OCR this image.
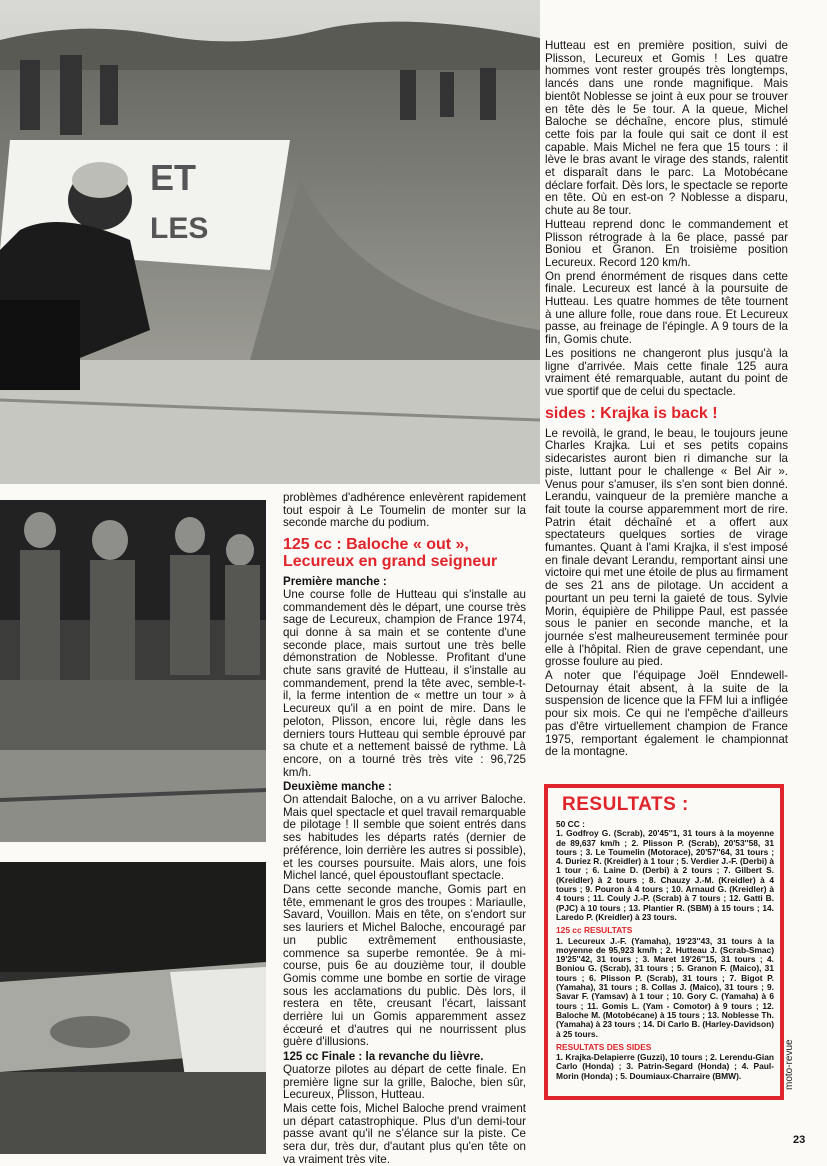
ET
LES

problèmes d'adhérence enlevèrent rapidement tout espoir à Le Toumelin de monter sur la seconde marche du podium.

125 cc : Baloche « out », Lecureux en grand seigneur
Première manche :

Une course folle de Hutteau qui s'installe au commandement dès le départ, une course très sage de Lecureux, champion de France 1974, qui donne à sa main et se contente d'une seconde place, mais surtout une très belle démonstration de Noblesse. Profitant d'une chute sans gravité de Hutteau, il s'installe au commandement, prend la tête avec, semble-t-il, la ferme intention de « mettre un tour » à Lecureux qu'il a en point de mire. Dans le peloton, Plisson, encore lui, règle dans les derniers tours Hutteau qui semble éprouvé par sa chute et a nettement baissé de rythme. Là encore, on a tourné très très vite : 96,725 km/h.

Deuxième manche :

On attendait Baloche, on a vu arriver Baloche. Mais quel spectacle et quel travail remarquable de pilotage ! Il semble que soient entrés dans ses habitudes les départs ratés (dernier de préférence, loin derrière les autres si possible), et les courses poursuite. Mais alors, une fois Michel lancé, quel époustouflant spectacle.

Dans cette seconde manche, Gomis part en tête, emmenant le gros des troupes : Mariaulle, Savard, Vouillon. Mais en tête, on s'endort sur ses lauriers et Michel Baloche, encouragé par un public extrêmement enthousiaste, commence sa superbe remontée. 9e à mi-course, puis 6e au douzième tour, il double Gomis comme une bombe en sortie de virage sous les acclamations du public. Dès lors, il restera en tête, creusant l'écart, laissant derrière lui un Gomis apparemment assez écœuré et d'autres qui ne nourrissent plus guère d'illusions.

125 cc Finale : la revanche du lièvre.

Quatorze pilotes au départ de cette finale. En première ligne sur la grille, Baloche, bien sûr, Lecureux, Plisson, Hutteau.

Mais cette fois, Michel Baloche prend vraiment un départ catastrophique. Plus d'un demi-tour passe avant qu'il ne s'élance sur la piste. Ce sera dur, très dur, d'autant plus qu'en tête on va vraiment très vite.

Hutteau est en première position, suivi de Plisson, Lecureux et Gomis ! Les quatre hommes vont rester groupés très longtemps, lancés dans une ronde magnifique. Mais bientôt Noblesse se joint à eux pour se trouver en tête dès le 5e tour. A la queue, Michel Baloche se déchaîne, encore plus, stimulé cette fois par la foule qui sait ce dont il est capable. Mais Michel ne fera que 15 tours : il lève le bras avant le virage des stands, ralentit et disparaît dans le parc. La Motobécane déclare forfait. Dès lors, le spectacle se reporte en tête. Où en est-on ? Noblesse a disparu, chute au 8e tour.

Hutteau reprend donc le commandement et Plisson rétrograde à la 6e place, passé par Boniou et Granon. En troisième position Lecureux. Record 120 km/h.

On prend énormément de risques dans cette finale. Lecureux est lancé à la poursuite de Hutteau. Les quatre hommes de tête tournent à une allure folle, roue dans roue. Et Lecureux passe, au freinage de l'épingle. A 9 tours de la fin, Gomis chute.

Les positions ne changeront plus jusqu'à la ligne d'arrivée. Mais cette finale 125 aura vraiment été remarquable, autant du point de vue sportif que de celui du spectacle.

sides : Krajka is back !

Le revoilà, le grand, le beau, le toujours jeune Charles Krajka. Lui et ses petits copains sidecaristes auront bien ri dimanche sur la piste, luttant pour le challenge « Bel Air ». Venus pour s'amuser, ils s'en sont bien donné. Lerandu, vainqueur de la première manche a fait toute la course apparemment mort de rire. Patrin était déchaîné et a offert aux spectateurs quelques sorties de virage fumantes. Quant à l'ami Krajka, il s'est imposé en finale devant Lerandu, remportant ainsi une victoire qui met une étoile de plus au firmament de ses 21 ans de pilotage. Un accident a pourtant un peu terni la gaieté de tous. Sylvie Morin, équipière de Philippe Paul, est passée sous le panier en seconde manche, et la journée s'est malheureusement terminée pour elle à l'hôpital. Rien de grave cependant, une grosse foulure au pied.

A noter que l'équipage Joël Enndewell-Detournay était absent, à la suite de la suspension de licence que la FFM lui a infligée pour six mois. Ce qui ne l'empêche d'ailleurs pas d'être virtuellement champion de France 1975, remportant également le championnat de la montagne.

RESULTATS :
50 CC :
1. Godfroy G. (Scrab), 20'45''1, 31 tours à la moyenne de 89,637 km/h ; 2. Plisson P. (Scrab), 20'53''58, 31 tours ; 3. Le Toumelin (Motorace), 20'57''64, 31 tours ; 4. Duriez R. (Kreidler) à 1 tour ; 5. Verdier J.-F. (Derbi) à 1 tour ; 6. Laine D. (Derbi) à 2 tours ; 7. Gilbert S. (Kreidler) à 2 tours ; 8. Chauzy J.-M. (Kreidler) à 4 tours ; 9. Pouron à 4 tours ; 10. Arnaud G. (Kreidler) à 4 tours ; 11. Couly J.-P. (Scrab) à 7 tours ; 12. Gatti B. (PJC) à 10 tours ; 13. Plantier R. (SBM) à 15 tours ; 14. Laredo P. (Kreidler) à 23 tours.
125 cc RESULTATS
1. Lecureux J.-F. (Yamaha), 19'23''43, 31 tours à la moyenne de 95,923 km/h ; 2. Hutteau J. (Scrab-Smac) 19'25''42, 31 tours ; 3. Maret 19'26''15, 31 tours ; 4. Boniou G. (Scrab), 31 tours ; 5. Granon F. (Maico), 31 tours ; 6. Plisson P. (Scrab), 31 tours ; 7. Bigot P. (Yamaha), 31 tours ; 8. Collas J. (Maico), 31 tours ; 9. Savar F. (Yamsav) à 1 tour ; 10. Gory C. (Yamaha) à 6 tours ; 11. Gomis L. (Yam - Comotor) à 9 tours ; 12. Baloche M. (Motobécane) à 15 tours ; 13. Noblesse Th. (Yamaha) à 23 tours ; 14. Di Carlo B. (Harley-Davidson) à 25 tours.
RESULTATS DES SIDES
1. Krajka-Delapierre (Guzzi), 10 tours ; 2. Lerendu-Gian Carlo (Honda) ; 3. Patrin-Segard (Honda) ; 4. Paul-Morin (Honda) ; 5. Doumiaux-Charraire (BMW).	moto-revue
23
